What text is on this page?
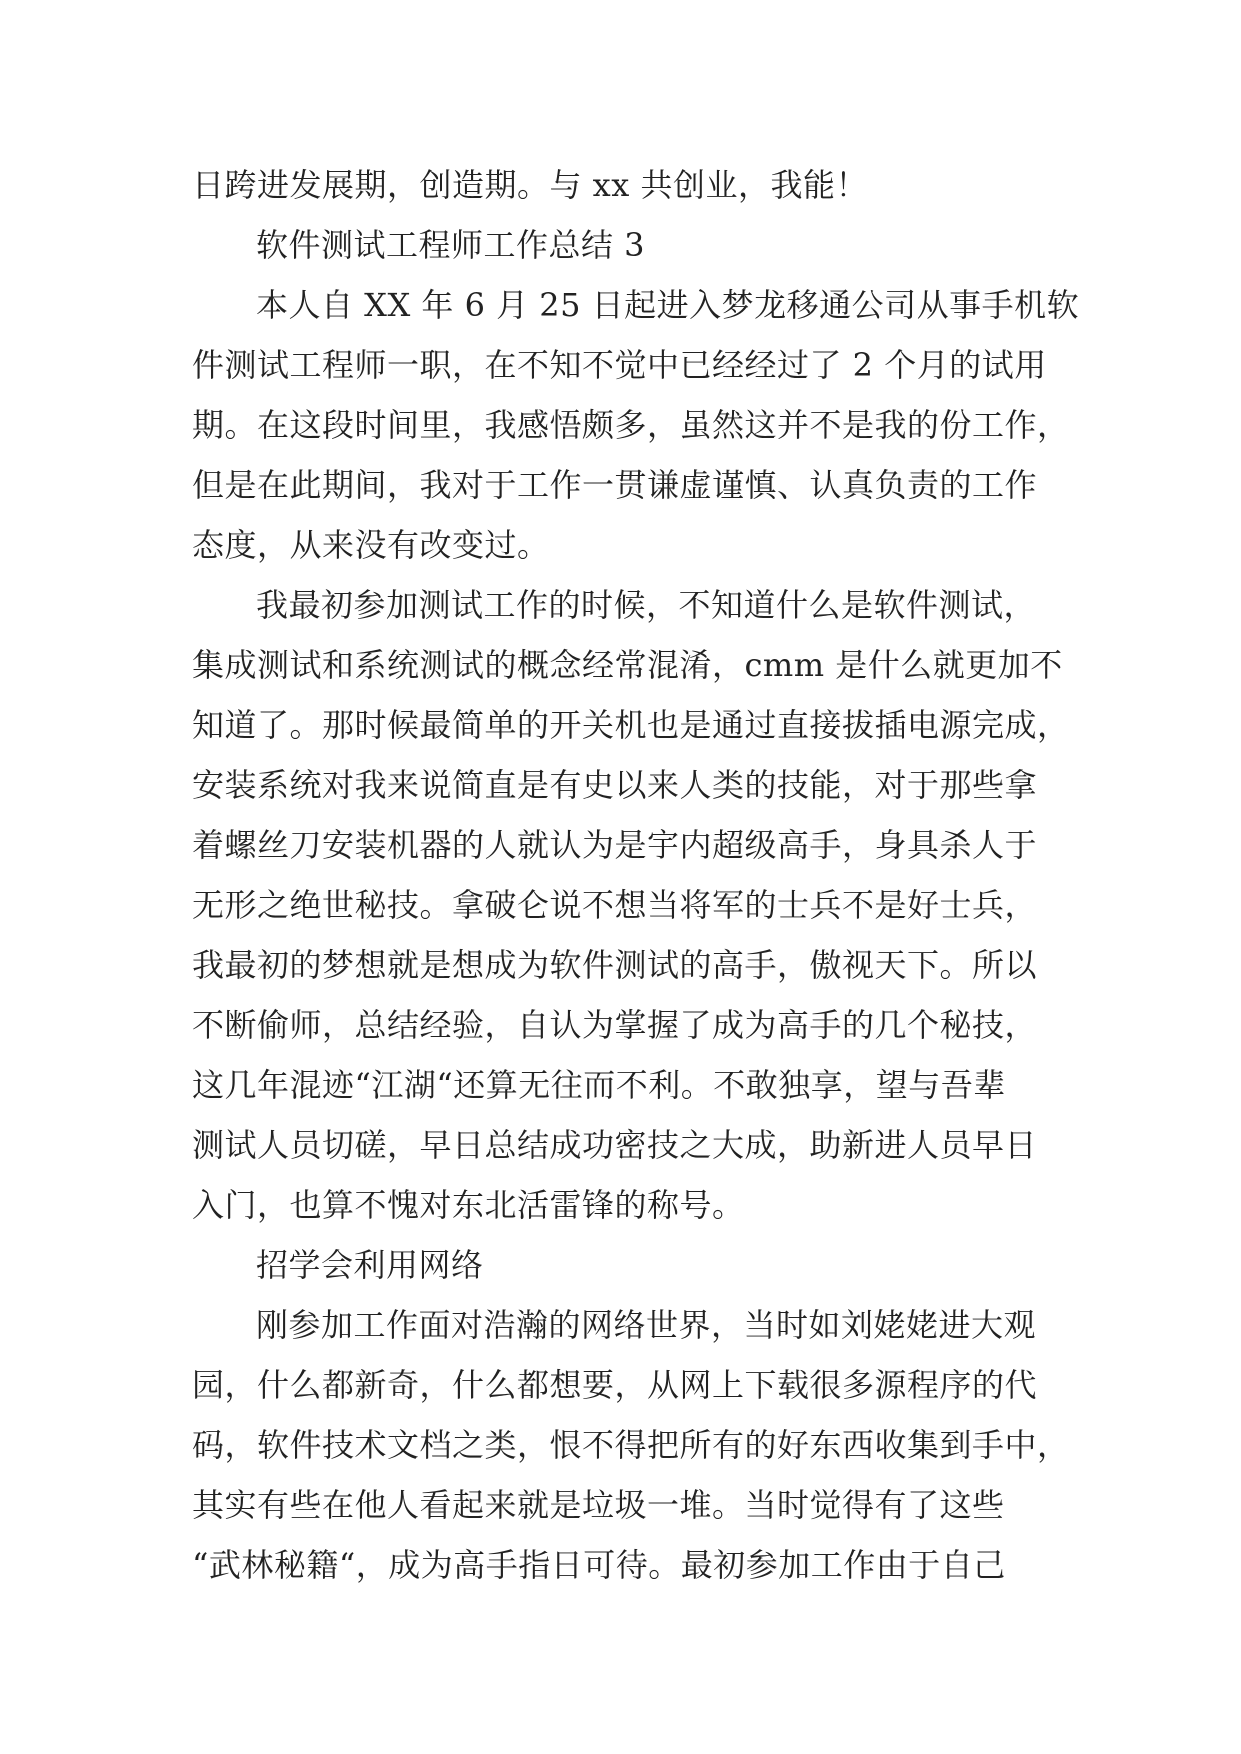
日跨进发展期，创造期。与 xx 共创业，我能！
软件测试工程师工作总结 3
本人自 XX 年 6 月 25 日起进入梦龙移通公司从事手机软
件测试工程师一职，在不知不觉中已经经过了 2 个月的试用
期。在这段时间里，我感悟颇多，虽然这并不是我的份工作，
但是在此期间，我对于工作一贯谦虚谨慎、认真负责的工作
态度，从来没有改变过。
我最初参加测试工作的时候，不知道什么是软件测试，
集成测试和系统测试的概念经常混淆，cmm 是什么就更加不
知道了。那时候最简单的开关机也是通过直接拔插电源完成，
安装系统对我来说简直是有史以来人类的技能，对于那些拿
着螺丝刀安装机器的人就认为是宇内超级高手，身具杀人于
无形之绝世秘技。拿破仑说不想当将军的士兵不是好士兵，
我最初的梦想就是想成为软件测试的高手，傲视天下。所以
不断偷师，总结经验，自认为掌握了成为高手的几个秘技，
这几年混迹“江湖“还算无往而不利。不敢独享，望与吾辈
测试人员切磋，早日总结成功密技之大成，助新进人员早日
入门，也算不愧对东北活雷锋的称号。
招学会利用网络
刚参加工作面对浩瀚的网络世界，当时如刘姥姥进大观
园，什么都新奇，什么都想要，从网上下载很多源程序的代
码，软件技术文档之类，恨不得把所有的好东西收集到手中，
其实有些在他人看起来就是垃圾一堆。当时觉得有了这些
“武林秘籍“，成为高手指日可待。最初参加工作由于自己
